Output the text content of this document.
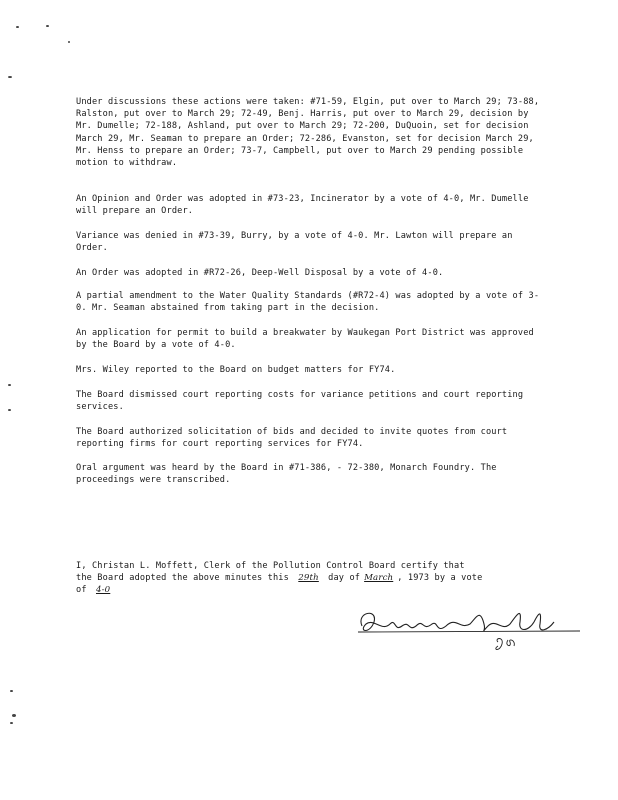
Under discussions these actions were taken: #71-59, Elgin, put over to March 29; 73-88, Ralston, put over to March 29; 72-49, Benj. Harris, put over to March 29, decision by Mr. Dumelle; 72-188, Ashland, put over to March 29; 72-200, DuQuoin, set for decision March 29, Mr. Seaman to prepare an Order; 72-286, Evanston, set for decision March 29, Mr. Henss to prepare an Order; 73-7, Campbell, put over to March 29 pending possible motion to withdraw.

An Opinion and Order was adopted in #73-23, Incinerator by a vote of 4-0, Mr. Dumelle will prepare an Order.

Variance was denied in #73-39, Burry, by a vote of 4-0. Mr. Lawton will prepare an Order.

An Order was adopted in #R72-26, Deep-Well Disposal by a vote of 4-0.

A partial amendment to the Water Quality Standards (#R72-4) was adopted by a vote of 3-0. Mr. Seaman abstained from taking part in the decision.

An application for permit to build a breakwater by Waukegan Port District was approved by the Board by a vote of 4-0.

Mrs. Wiley reported to the Board on budget matters for FY74.

The Board dismissed court reporting costs for variance petitions and court reporting services.

The Board authorized solicitation of bids and decided to invite quotes from court reporting firms for court reporting services for FY74.

Oral argument was heard by the Board in #71-386, - 72-380, Monarch Foundry. The proceedings were transcribed.

I, Christan L. Moffett, Clerk of the Pollution Control Board certify that
the Board adopted the above minutes this 29th day of March , 1973 by a vote
of 4-0
